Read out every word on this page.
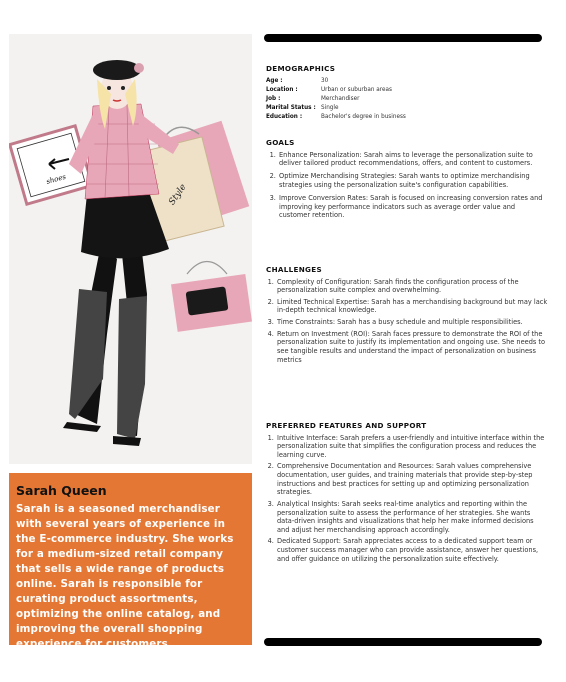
shoes
Style
Sarah Queen
Sarah is a seasoned merchandiser with several years of experience in the E-commerce industry. She works for a medium-sized retail company that sells a wide range of products online. Sarah is responsible for curating product assortments, optimizing the online catalog, and improving the overall shopping experience for customers.
DEMOGRAPHICS
Age :	30
Location :	Urban or suburban areas
Job :	Merchandiser
Marital Status : Single
Education :	Bachelor's degree in business
GOALS
1. Enhance Personalization: Sarah aims to leverage the personalization suite to deliver tailored product recommendations, offers, and content to customers.
2. Optimize Merchandising Strategies: Sarah wants to optimize merchandising strategies using the personalization suite's configuration capabilities.
3. Improve Conversion Rates: Sarah is focused on increasing conversion rates and improving key performance indicators such as average order value and customer retention.
CHALLENGES
1. Complexity of Configuration: Sarah finds the configuration process of the personalization suite complex and overwhelming.
2. Limited Technical Expertise: Sarah has a merchandising background but may lack in-depth technical knowledge.
3. Time Constraints: Sarah has a busy schedule and multiple responsibilities.
4. Return on Investment (ROI): Sarah faces pressure to demonstrate the ROI of the personalization suite to justify its implementation and ongoing use. She needs to see tangible results and understand the impact of personalization on business metrics
PREFERRED FEATURES AND SUPPORT
1. Intuitive Interface: Sarah prefers a user-friendly and intuitive interface within the personalization suite that simplifies the configuration process and reduces the learning curve.
2. Comprehensive Documentation and Resources: Sarah values comprehensive documentation, user guides, and training materials that provide step-by-step instructions and best practices for setting up and optimizing personalization strategies.
3. Analytical Insights: Sarah seeks real-time analytics and reporting within the personalization suite to assess the performance of her strategies. She wants data-driven insights and visualizations that help her make informed decisions and adjust her merchandising approach accordingly.
4. Dedicated Support: Sarah appreciates access to a dedicated support team or customer success manager who can provide assistance, answer her questions, and offer guidance on utilizing the personalization suite effectively.
